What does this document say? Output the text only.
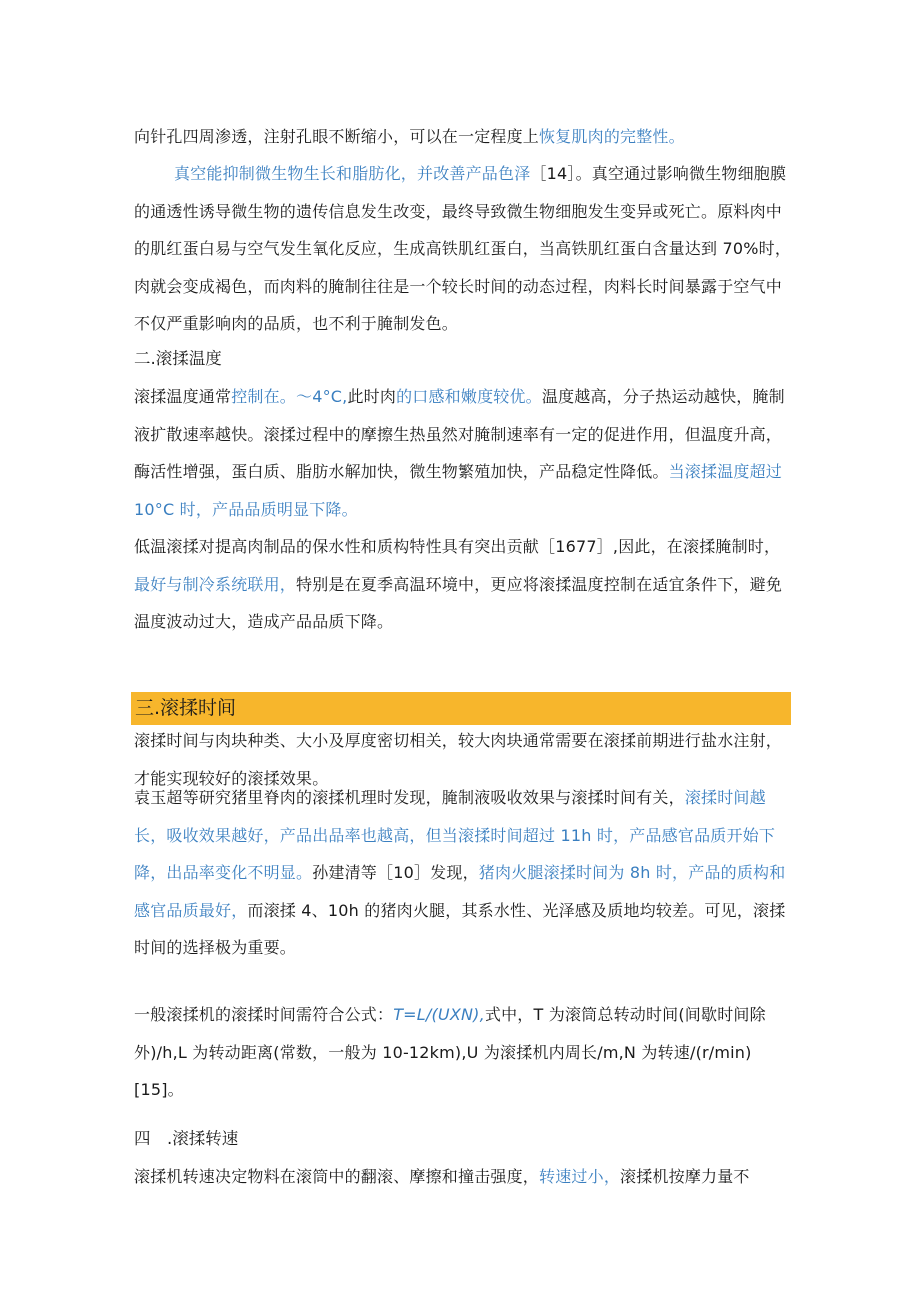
向针孔四周渗透，注射孔眼不断缩小，可以在一定程度上恢复肌肉的完整性。

真空能抑制微生物生长和脂肪化，并改善产品色泽［14］。真空通过影响微生物细胞膜的通透性诱导微生物的遗传信息发生改变，最终导致微生物细胞发生变异或死亡。原料肉中的肌红蛋白易与空气发生氧化反应，生成高铁肌红蛋白，当高铁肌红蛋白含量达到 70%时，肉就会变成褐色，而肉料的腌制往往是一个较长时间的动态过程，肉料长时间暴露于空气中不仅严重影响肉的品质，也不利于腌制发色。

二.滚揉温度

滚揉温度通常控制在。〜4°C,此时肉的口感和嫩度较优。温度越高，分子热运动越快，腌制液扩散速率越快。滚揉过程中的摩擦生热虽然对腌制速率有一定的促进作用，但温度升高，酶活性增强，蛋白质、脂肪水解加快，微生物繁殖加快，产品稳定性降低。当滚揉温度超过 10°C 时，产品品质明显下降。

低温滚揉对提高肉制品的保水性和质构特性具有突出贡献［1677］,因此，在滚揉腌制时，最好与制冷系统联用，特别是在夏季高温环境中，更应将滚揉温度控制在适宜条件下，避免温度波动过大，造成产品品质下降。

三.滚揉时间

滚揉时间与肉块种类、大小及厚度密切相关，较大肉块通常需要在滚揉前期进行盐水注射，才能实现较好的滚揉效果。

袁玉超等研究猪里脊肉的滚揉机理时发现，腌制液吸收效果与滚揉时间有关，滚揉时间越长，吸收效果越好，产品出品率也越高，但当滚揉时间超过 11h 时，产品感官品质开始下降，出品率变化不明显。孙建清等［10］发现，猪肉火腿滚揉时间为 8h 时，产品的质构和感官品质最好，而滚揉 4、10h 的猪肉火腿，其系水性、光泽感及质地均较差。可见，滚揉时间的选择极为重要。

一般滚揉机的滚揉时间需符合公式：T=L/(UXN),式中，T 为滚筒总转动时间(间歇时间除外)/h,L 为转动距离(常数，一般为 10-12km),U 为滚揉机内周长/m,N 为转速/(r/min)[15]。

四　.滚揉转速

滚揉机转速决定物料在滚筒中的翻滚、摩擦和撞击强度，转速过小，滚揉机按摩力量不
